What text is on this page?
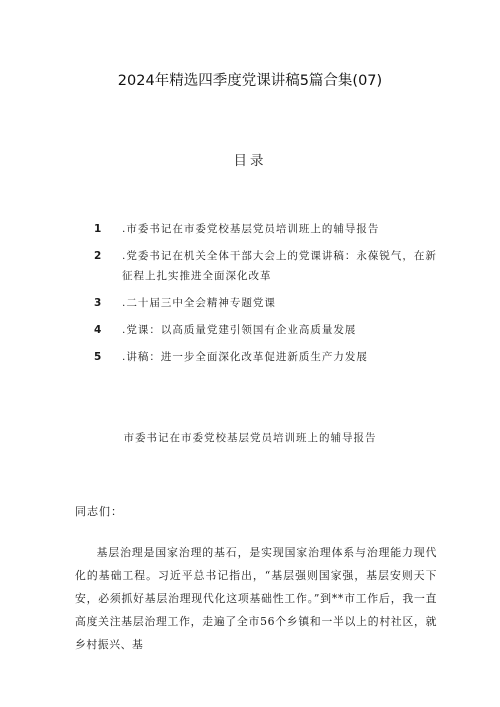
2024年精选四季度党课讲稿5篇合集(07)
目录
1 .市委书记在市委党校基层党员培训班上的辅导报告
2 .党委书记在机关全体干部大会上的党课讲稿：永葆锐气，在新征程上扎实推进全面深化改革
3 .二十届三中全会精神专题党课
4 .党课：以高质量党建引领国有企业高质量发展
5 .讲稿：进一步全面深化改革促进新质生产力发展
市委书记在市委党校基层党员培训班上的辅导报告
同志们：

基层治理是国家治理的基石，是实现国家治理体系与治理能力现代化的基础工程。习近平总书记指出，“基层强则国家强，基层安则天下安，必须抓好基层治理现代化这项基础性工作。”到**市工作后，我一直高度关注基层治理工作，走遍了全市56个乡镇和一半以上的村社区，就乡村振兴、基
